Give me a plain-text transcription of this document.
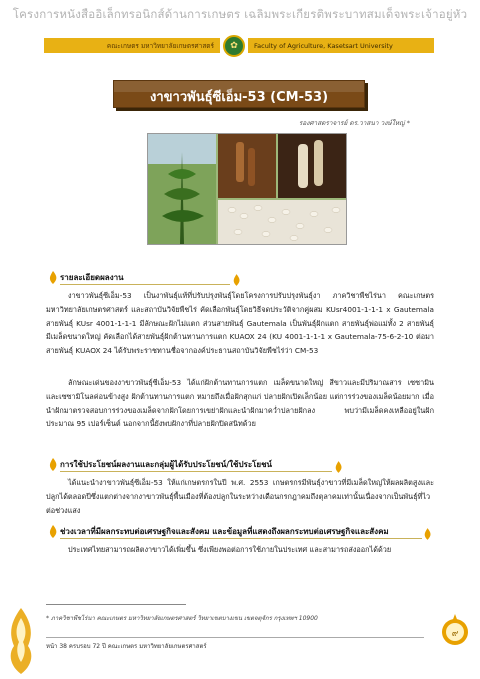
โครงการหนังสืออิเล็กทรอนิกส์ด้านการเกษตร เฉลิมพระเกียรติพระบาทสมเด็จพระเจ้าอยู่หัว
คณะเกษตร มหาวิทยาลัยเกษตรศาสตร์	✿	Faculty of Agriculture, Kasetsart University
งาขาวพันธุ์ซีเอ็ม-53 (CM-53)
รองศาสตราจารย์ ดร.วาสนา วงษ์ใหญ่ *
รายละเอียดผลงาน
งาขาวพันธุ์ซีเอ็ม-53 เป็นงาพันธุ์แท้ที่ปรับปรุงพันธุ์โดยโครงการปรับปรุงพันธุ์งา ภาควิชาพืชไร่นา คณะเกษตร มหาวิทยาลัยเกษตรศาสตร์ และสถาบันวิจัยพืชไร่ คัดเลือกพันธุ์โดยวิธีจดประวัติจากคู่ผสม KUsr4001-1-1-1 x Gautemala สายพันธุ์ KUsr 4001-1-1-1 มีลักษณะฝักไม่แตก ส่วนสายพันธุ์ Gautemala เป็นพันธุ์ฝักแตก สายพันธุ์พ่อแม่ทั้ง 2 สายพันธุ์ มีเมล็ดขนาดใหญ่ คัดเลือกได้สายพันธุ์ฝักต้านทานการแตก KUAOX 24 (KU 4001-1-1-1 x Gautemala-75-6-2-10 ต่อมาสายพันธุ์ KUAOX 24 ได้รับพระราชทานชื่อจากองค์ประธานสถาบันวิจัยพืชไร่ว่า CM-53
ลักษณะเด่นของงาขาวพันธุ์ซีเอ็ม-53 ได้แก่ฝักต้านทานการแตก เมล็ดขนาดใหญ่ สีขาวและมีปริมาณสาร เซซามิน และเซซามิโนลค่อนข้างสูง ฝักต้านทานการแตก หมายถึงเมื่อฝักสุกแก่ ปลายฝักเปิดเล็กน้อย แต่การร่วงของเมล็ดน้อยมาก เมื่อนำฝักมาตรวจสอบการร่วงของเมล็ดจากฝักโดยการเขย่าฝักและนำฝักมาคว่ำปลายฝักลง พบว่ามีเมล็ดคงเหลืออยู่ในฝักประมาณ 95 เปอร์เซ็นต์ นอกจากนี้ยังพบฝักงาที่ปลายฝักปิดสนิทด้วย
การใช้ประโยชน์ผลงานและกลุ่มผู้ได้รับประโยชน์/ใช้ประโยชน์
ได้แนะนำงาขาวพันธุ์ซีเอ็ม-53 ให้แก่เกษตรกรในปี พ.ศ. 2553 เกษตรกรมีพันธุ์งาขาวที่มีเมล็ดใหญ่ให้ผลผลิตสูงและปลูกได้ตลอดปีซึ่งแตกต่างจากงาขาวพันธุ์พื้นเมืองที่ต้องปลูกในระหว่างเดือนกรกฎาคมถึงตุลาคมเท่านั้นเนื่องจากเป็นพันธุ์ที่ไวต่อช่วงแสง
ช่วงเวลาที่มีผลกระทบต่อเศรษฐกิจและสังคม และข้อมูลที่แสดงถึงผลกระทบต่อเศรษฐกิจและสังคม
ประเทศไทยสามารถผลิตงาขาวได้เพิ่มขึ้น ซึ่งเพียงพอต่อการใช้ภายในประเทศ และสามารถส่งออกได้ด้วย
* ภาควิชาพืชไร่นา คณะเกษตร มหาวิทยาลัยเกษตรศาสตร์ วิทยาเขตบางเขน เขตจตุจักร กรุงเทพฯ 10900
หน้า 38 ครบรอบ 72 ปี คณะเกษตร มหาวิทยาลัยเกษตรศาสตร์
๙
